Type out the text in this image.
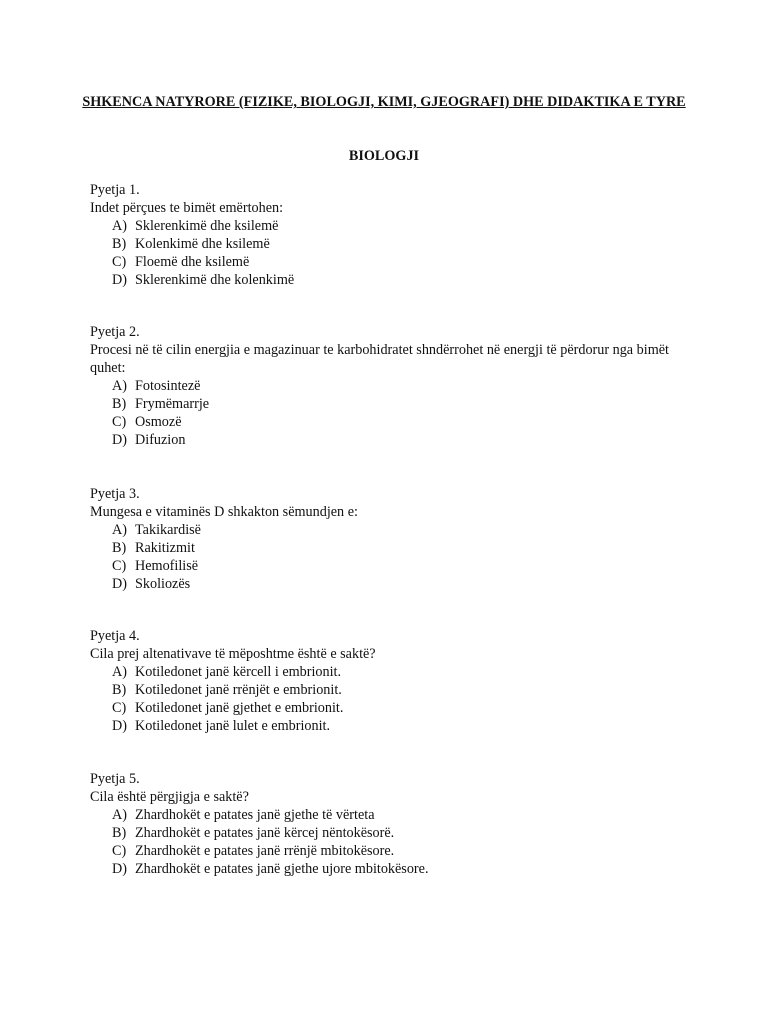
SHKENCA NATYRORE (FIZIKE, BIOLOGJI, KIMI, GJEOGRAFI) DHE DIDAKTIKA E TYRE
BIOLOGJI
Pyetja 1.
Indet përçues te bimët emërtohen:
A) Sklerenkimë dhe ksilemë
B) Kolenkimë dhe ksilemë
C) Floemë dhe ksilemë
D) Sklerenkimë dhe kolenkimë
Pyetja 2.
Procesi në të cilin energjia e magazinuar te karbohidratet shndërrohet në energji të përdorur nga bimët quhet:
A) Fotosintezë
B) Frymëmarrje
C) Osmozë
D) Difuzion
Pyetja 3.
Mungesa e vitaminës D shkakton sëmundjen e:
A) Takikardisë
B) Rakitizmit
C) Hemofilisë
D) Skoliozës
Pyetja 4.
Cila prej altenativave të mëposhtme është e saktë?
A) Kotiledonet janë kërcell i embrionit.
B) Kotiledonet janë rrënjët e embrionit.
C) Kotiledonet janë gjethet e embrionit.
D) Kotiledonet janë lulet e embrionit.
Pyetja 5.
Cila është përgjigja e saktë?
A) Zhardhokët e patates janë gjethe të vërteta
B) Zhardhokët e patates janë kërcej nëntokësorë.
C) Zhardhokët e patates janë rrënjë mbitokësore.
D) Zhardhokët e patates janë gjethe ujore mbitokësore.
